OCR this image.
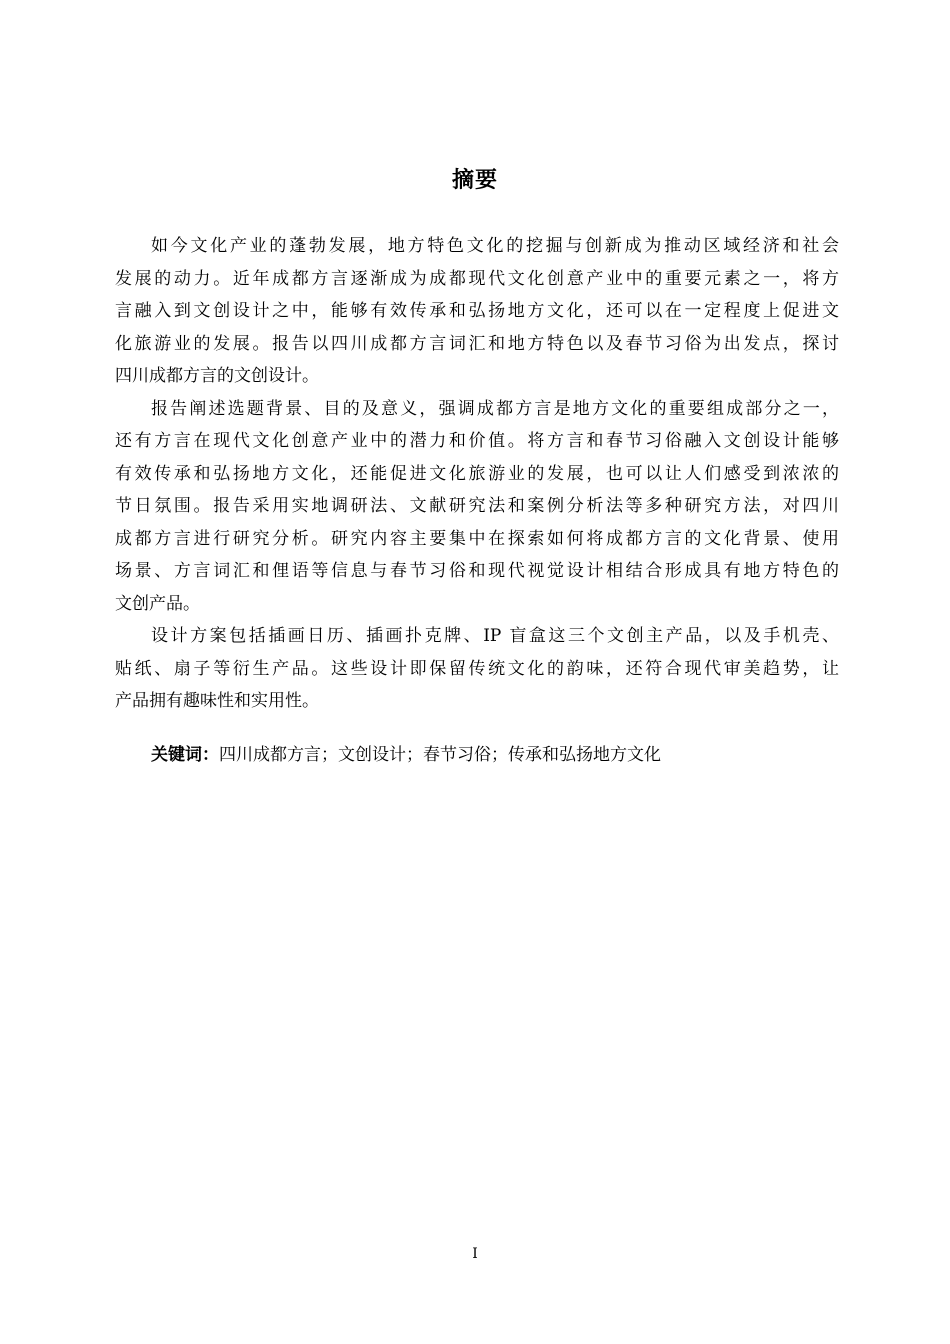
摘要
如今文化产业的蓬勃发展，地方特色文化的挖掘与创新成为推动区域经济和社会
发展的动力。近年成都方言逐渐成为成都现代文化创意产业中的重要元素之一，将方
言融入到文创设计之中，能够有效传承和弘扬地方文化，还可以在一定程度上促进文
化旅游业的发展。报告以四川成都方言词汇和地方特色以及春节习俗为出发点，探讨
四川成都方言的文创设计。
报告阐述选题背景、目的及意义，强调成都方言是地方文化的重要组成部分之一，
还有方言在现代文化创意产业中的潜力和价值。将方言和春节习俗融入文创设计能够
有效传承和弘扬地方文化，还能促进文化旅游业的发展，也可以让人们感受到浓浓的
节日氛围。报告采用实地调研法、文献研究法和案例分析法等多种研究方法，对四川
成都方言进行研究分析。研究内容主要集中在探索如何将成都方言的文化背景、使用
场景、方言词汇和俚语等信息与春节习俗和现代视觉设计相结合形成具有地方特色的
文创产品。
设计方案包括插画日历、插画扑克牌、IP 盲盒这三个文创主产品，以及手机壳、
贴纸、扇子等衍生产品。这些设计即保留传统文化的韵味，还符合现代审美趋势，让
产品拥有趣味性和实用性。
关键词：四川成都方言；文创设计；春节习俗；传承和弘扬地方文化
I
